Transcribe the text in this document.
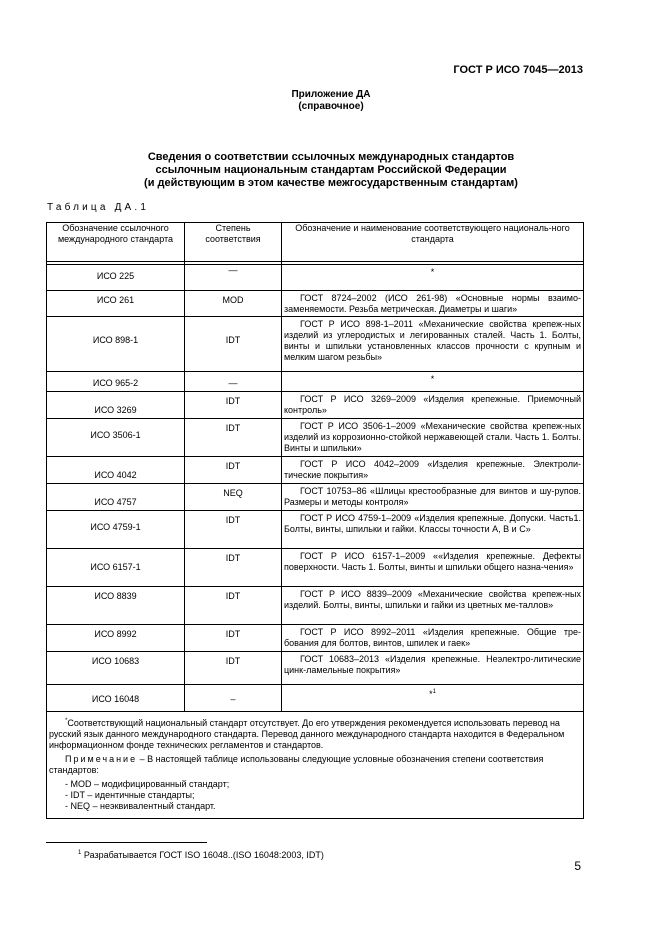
ГОСТ Р ИСО 7045—2013
Приложение ДА
(справочное)
Сведения о соответствии ссылочных международных стандартов
ссылочным национальным стандартам Российской Федерации
(и действующим в этом качестве межгосударственным стандартам)
Таблица ДА.1
Обозначение ссылочного международного стандарта	Степень соответствия	Обозначение и наименование соответствующего националь-ного стандарта

ИСО 225	—	*
ИСО 261	MOD	ГОСТ 8724–2002 (ИСО 261-98) «Основные нормы взаимо-заменяемости. Резьба метрическая. Диаметры и шаги»
ИСО 898-1	IDT	ГОСТ Р ИСО 898-1–2011 «Механические свойства крепеж-ных изделий из углеродистых и легированных сталей. Часть 1. Болты, винты и шпильки установленных классов прочности с крупным и мелким шагом резьбы»
ИСО 965-2	—	*
ИСО 3269	IDT	ГОСТ Р ИСО 3269–2009 «Изделия крепежные. Приемочный контроль»
ИСО 3506-1	IDT	ГОСТ Р ИСО 3506-1–2009 «Механические свойства крепеж-ных изделий из коррозионно-стойкой нержавеющей стали. Часть 1. Болты. Винты и шпильки»
ИСО 4042	IDT	ГОСТ Р ИСО 4042–2009 «Изделия крепежные. Электроли-тические покрытия»
ИСО 4757	NEQ	ГОСТ 10753–86 «Шлицы крестообразные для винтов и шу-рупов. Размеры и методы контроля»
ИСО 4759-1	IDT	ГОСТ Р ИСО 4759-1–2009 «Изделия крепежные. Допуски. Часть1. Болты, винты, шпильки и гайки. Классы точности А, В и С»
ИСО 6157-1	IDT	ГОСТ Р ИСО 6157-1–2009 ««Изделия крепежные. Дефекты поверхности. Часть 1. Болты, винты и шпильки общего назна-чения»
ИСО 8839	IDT	ГОСТ Р ИСО 8839–2009 «Механические свойства крепеж-ных изделий. Болты, винты, шпильки и гайки из цветных ме-таллов»
ИСО 8992	IDT	ГОСТ Р ИСО 8992–2011 «Изделия крепежные. Общие тре-бования для болтов, винтов, шпилек и гаек»
ИСО 10683	IDT	ГОСТ 10683–2013 «Изделия крепежные. Неэлектро-литические цинк-ламельные покрытия»
ИСО 16048	–	*$^1$

*Соответствующий национальный стандарт отсутствует. До его утверждения рекомендуется использовать перевод на русский язык данного международного стандарта. Перевод данного международного стандарта находится в Федеральном информационном фонде технических регламентов и стандартов.

Примечание – В настоящей таблице использованы следующие условные обозначения степени соответствия стандартов:

- MOD – модифицированный стандарт;

- IDT – идентичные стандарты;

- NEQ – неэквивалентный стандарт.		

$^1$ Разрабатывается ГОСТ ISO 16048..(ISO 16048:2003, IDT)
5
